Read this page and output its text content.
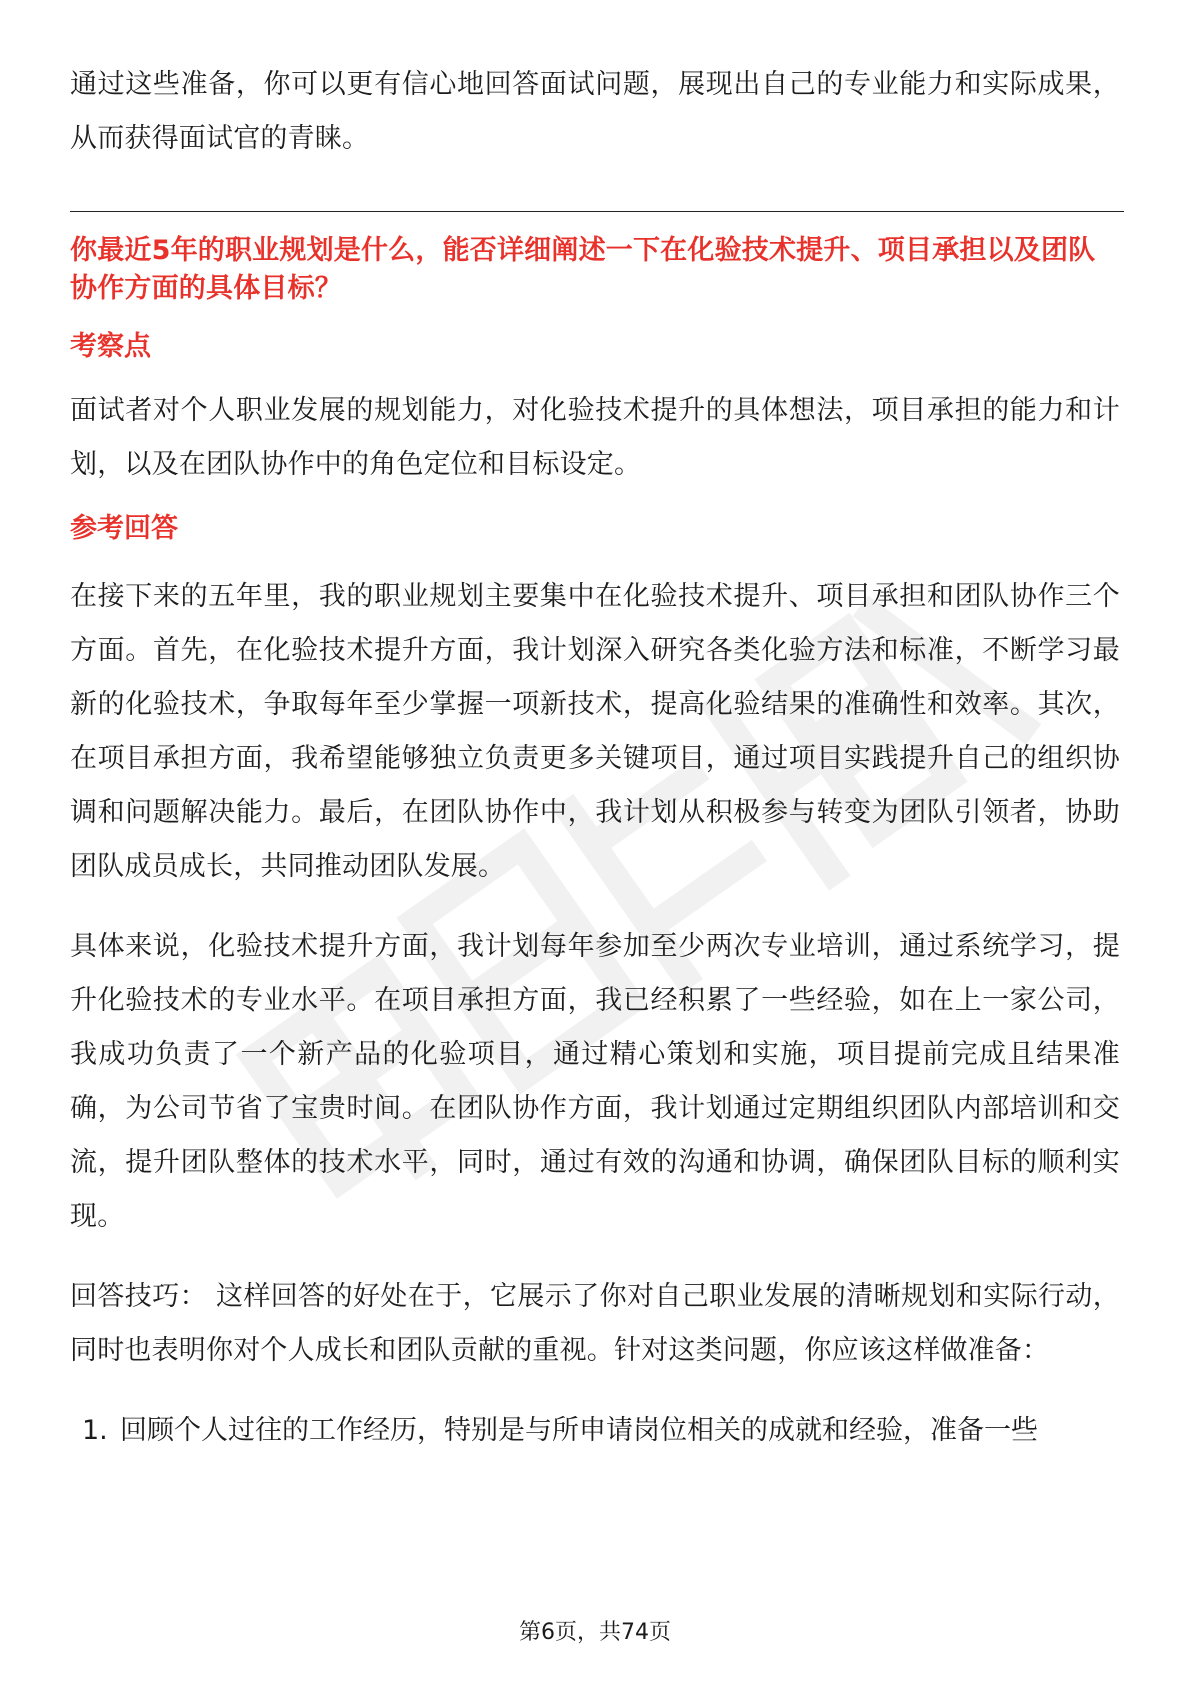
通过这些准备，你可以更有信心地回答面试问题，展现出自己的专业能力和实际成果，从而获得面试官的青睐。

你最近5年的职业规划是什么，能否详细阐述一下在化验技术提升、项目承担以及团队协作方面的具体目标？

考察点

面试者对个人职业发展的规划能力，对化验技术提升的具体想法，项目承担的能力和计划，以及在团队协作中的角色定位和目标设定。

参考回答

在接下来的五年里，我的职业规划主要集中在化验技术提升、项目承担和团队协作三个方面。首先，在化验技术提升方面，我计划深入研究各类化验方法和标准，不断学习最新的化验技术，争取每年至少掌握一项新技术，提高化验结果的准确性和效率。其次，在项目承担方面，我希望能够独立负责更多关键项目，通过项目实践提升自己的组织协调和问题解决能力。最后，在团队协作中，我计划从积极参与转变为团队引领者，协助团队成员成长，共同推动团队发展。

具体来说，化验技术提升方面，我计划每年参加至少两次专业培训，通过系统学习，提升化验技术的专业水平。在项目承担方面，我已经积累了一些经验，如在上一家公司，我成功负责了一个新产品的化验项目，通过精心策划和实施，项目提前完成且结果准确，为公司节省了宝贵时间。在团队协作方面，我计划通过定期组织团队内部培训和交流，提升团队整体的技术水平，同时，通过有效的沟通和协调，确保团队目标的顺利实现。

回答技巧： 这样回答的好处在于，它展示了你对自己职业发展的清晰规划和实际行动，同时也表明你对个人成长和团队贡献的重视。针对这类问题，你应该这样做准备：

1. 回顾个人过往的工作经历，特别是与所申请岗位相关的成就和经验，准备一些
第6页，共74页
